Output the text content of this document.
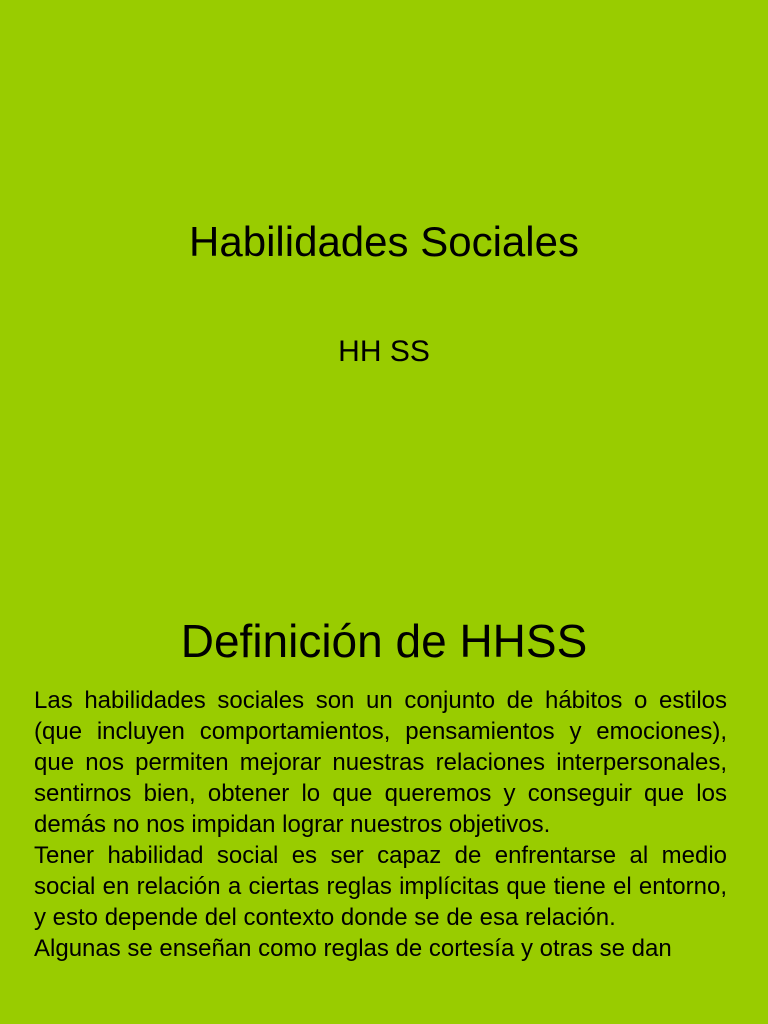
Habilidades Sociales
HH SS
Definición de HHSS

Las habilidades sociales son un conjunto de hábitos o estilos (que incluyen comportamientos, pensamientos y emociones), que nos permiten mejorar nuestras relaciones interpersonales, sentirnos bien, obtener lo que queremos y conseguir que los demás no nos impidan lograr nuestros objetivos.

Tener habilidad social es ser capaz de enfrentarse al medio social en relación a ciertas reglas implícitas que tiene el entorno, y esto depende del contexto donde se de esa relación.

Algunas se enseñan como reglas de cortesía y otras se dan
